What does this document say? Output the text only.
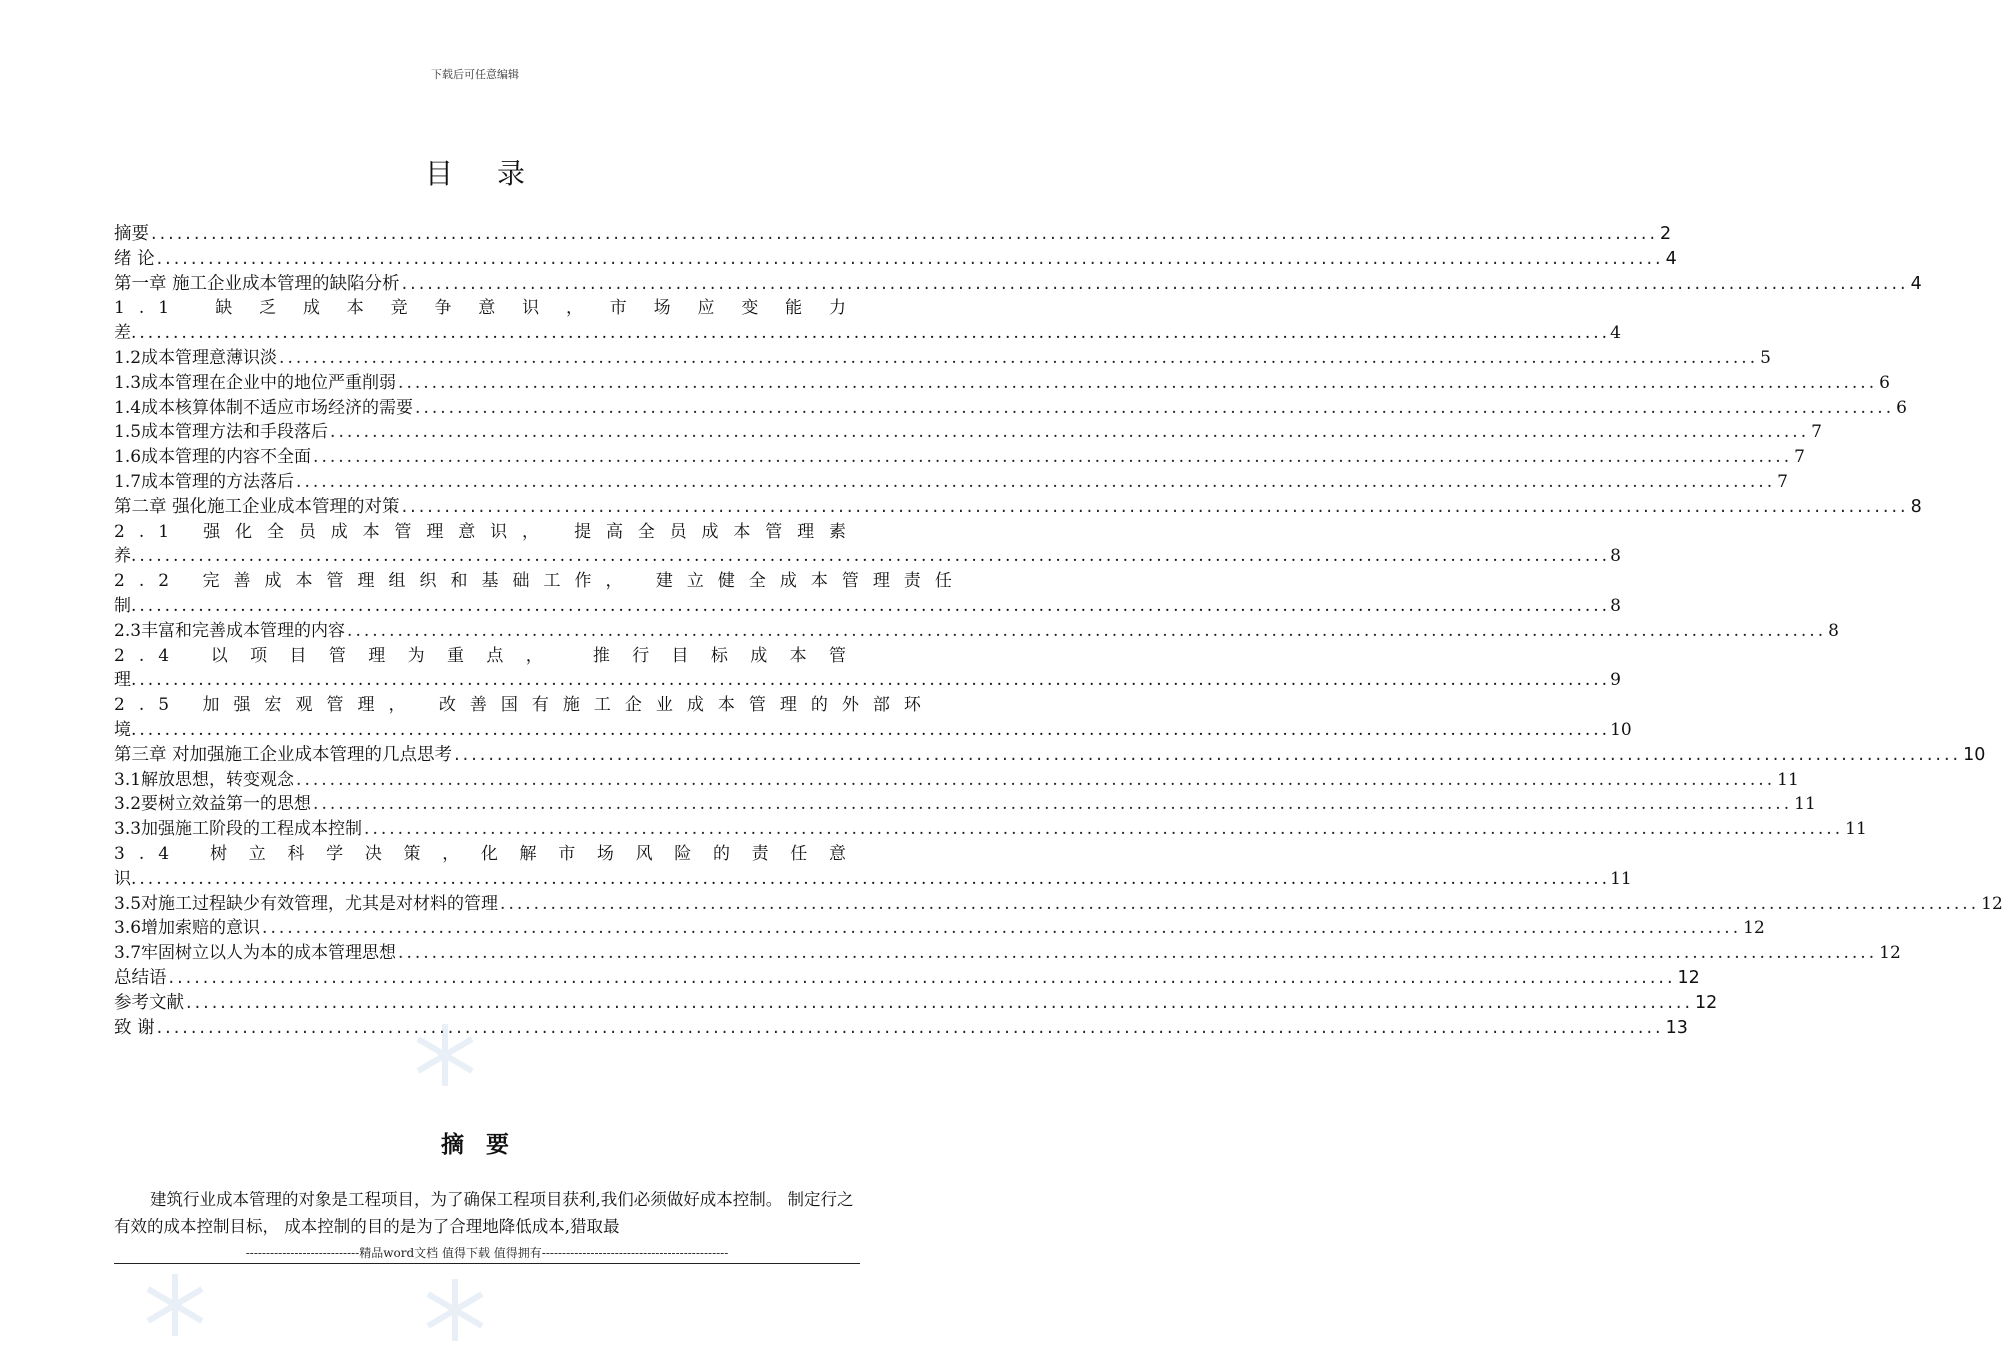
下载后可任意编辑
目录
摘要 .....	2
绪 论 .....	4
第一章 施工企业成本管理的缺陷分析 .....	4
1.1 缺乏成本竞争意识，市场应变能力
差 .....	4
1.2成本管理意薄识淡 .....	5
1.3成本管理在企业中的地位严重削弱 .....	6
1.4成本核算体制不适应市场经济的需要 .....	6
1.5成本管理方法和手段落后 .....	7
1.6成本管理的内容不全面 .....	7
1.7成本管理的方法落后 .....	7
第二章 强化施工企业成本管理的对策 .....	8
2.1 强化全员成本管理意识， 提高全员成本管理素
养 .....	8
2.2 完善成本管理组织和基础工作， 建立健全成本管理责任
制 .....	8
2.3丰富和完善成本管理的内容 .....	8
2.4 以项目管理为重点， 推行目标成本管
理 .....	9
2.5 加强宏观管理， 改善国有施工企业成本管理的外部环
境 .....	10
第三章 对加强施工企业成本管理的几点思考 .....	10
3.1解放思想，转变观念 .....	11
3.2要树立效益第一的思想 .....	11
3.3加强施工阶段的工程成本控制 .....	11
3.4 树立科学决策，化解市场风险的责任意
识 .....	11
3.5对施工过程缺少有效管理，尤其是对材料的管理 .....	12
3.6增加索赔的意识 .....	12
3.7牢固树立以人为本的成本管理思想 .....	12
总结语 .....	12
参考文献 .....	12
致 谢 .....	13
摘要
建筑行业成本管理的对象是工程项目，为了确保工程项目获利,我们必须做好成本控制。 制定行之有效的成本控制目标， 成本控制的目的是为了合理地降低成本,猎取最
----------------------------精品word文档 值得下载 值得拥有----------------------------------------------
